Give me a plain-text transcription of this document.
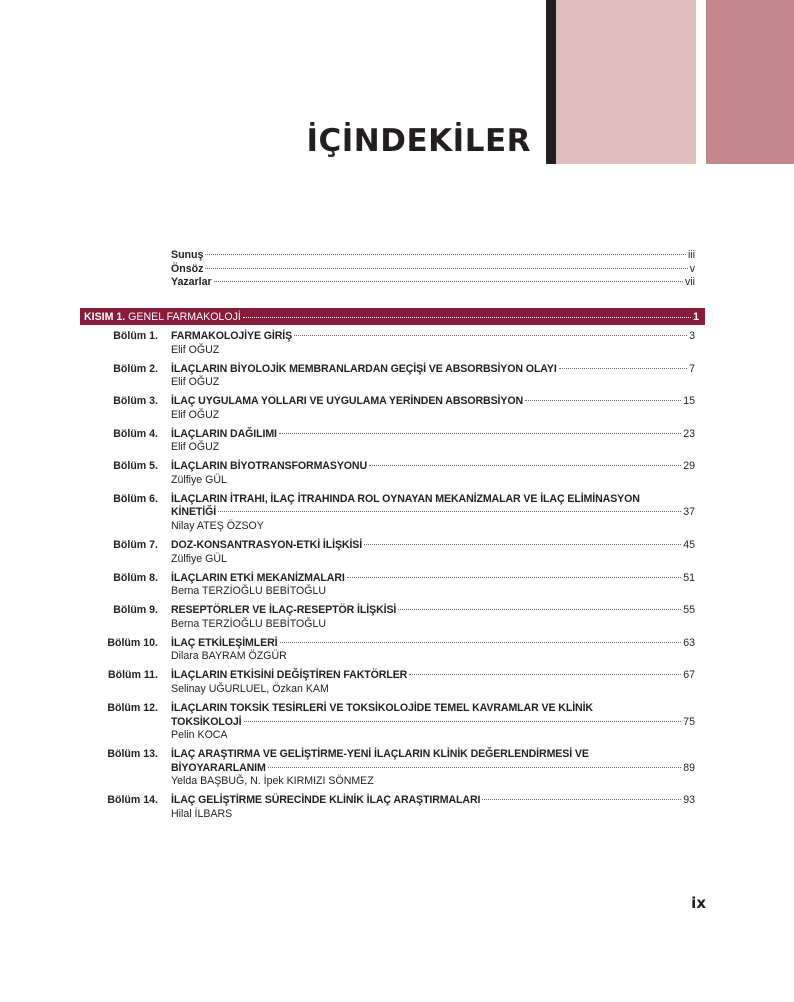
İÇİNDEKİLER
Sunuş	iii
Önsöz	v
Yazarlar	vii
KISIM 1.
GENEL FARMAKOLOJİ	1
Bölüm 1. FARMAKOLOJİYE GİRİŞ	3
Elif OĞUZ
Bölüm 2. İLAÇLARIN BİYOLOJİK MEMBRANLARDAN GEÇİŞİ VE ABSORBSİYON OLAYI	7
Elif OĞUZ
Bölüm 3. İLAÇ UYGULAMA YOLLARI VE UYGULAMA YERİNDEN ABSORBSİYON	15
Elif OĞUZ
Bölüm 4. İLAÇLARIN DAĞILIMI	23
Elif OĞUZ
Bölüm 5. İLAÇLARIN BİYOTRANSFORMASYONU	29
Zülfiye GÜL
Bölüm 6. İLAÇLARIN İTRAHI, İLAÇ İTRAHINDA ROL OYNAYAN MEKANİZMALAR VE İLAÇ ELİMİNASYON
KİNETİĞİ	37
Nilay ATEŞ ÖZSOY
Bölüm 7. DOZ-KONSANTRASYON-ETKİ İLİŞKİSİ	45
Zülfiye GÜL
Bölüm 8. İLAÇLARIN ETKİ MEKANİZMALARI	51
Berna TERZİOĞLU BEBİTOĞLU
Bölüm 9. RESEPTÖRLER VE İLAÇ-RESEPTÖR İLİŞKİSİ	55
Berna TERZİOĞLU BEBİTOĞLU
Bölüm 10. İLAÇ ETKİLEŞİMLERİ	63
Dilara BAYRAM ÖZGÜR
Bölüm 11. İLAÇLARIN ETKİSİNİ DEĞİŞTİREN FAKTÖRLER	67
Selinay UĞURLUEL, Özkan KAM
Bölüm 12. İLAÇLARIN TOKSİK TESİRLERİ VE TOKSİKOLOJİDE TEMEL KAVRAMLAR VE KLİNİK
TOKSİKOLOJİ	75
Pelin KOCA
Bölüm 13. İLAÇ ARAŞTIRMA VE GELİŞTİRME-YENİ İLAÇLARIN KLİNİK DEĞERLENDİRMESİ VE
BİYOYARARLANIM	89
Yelda BAŞBUĞ, N. İpek KIRMIZI SÖNMEZ
Bölüm 14. İLAÇ GELİŞTİRME SÜRECİNDE KLİNİK İLAÇ ARAŞTIRMALARI	93
Hilal İLBARS
ix
